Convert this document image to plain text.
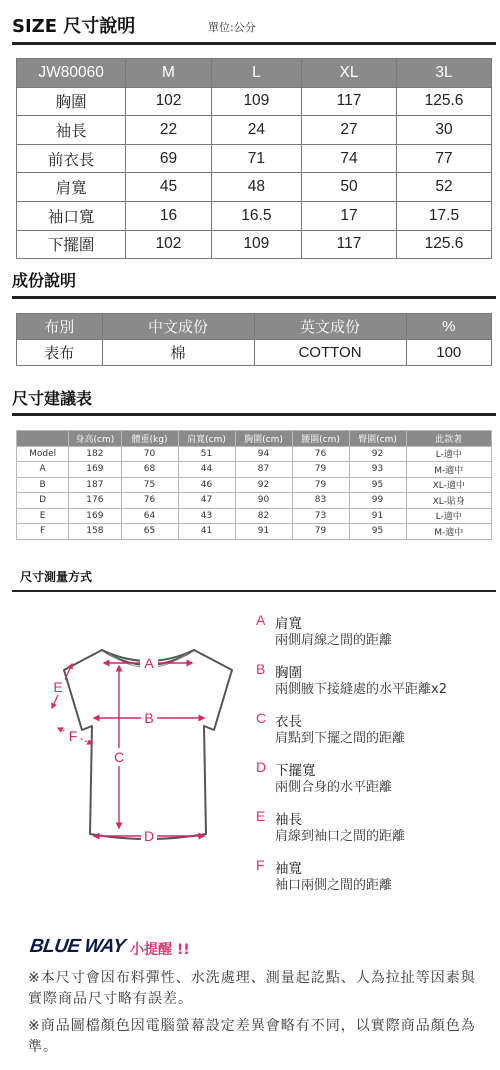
SIZE 尺寸說明	單位:公分
JW80060	M	L	XL	3L
胸圍	102	109	117	125.6
袖長	22	24	27	30
前衣長	69	71	74	77
肩寬	45	48	50	52
袖口寬	16	16.5	17	17.5
下擺圍	102	109	117	125.6
成份說明
布別	中文成份	英文成份	%
表布	棉	COTTON	100
尺寸建議表
	身高(cm)	體重(kg)	肩寬(cm)	胸圍(cm)	腰圍(cm)	臀圍(cm)	此款著
Model	182	70	51	94	76	92	L-適中
A	169	68	44	87	79	93	M-適中
B	187	75	46	92	79	95	XL-適中
D	176	76	47	90	83	99	XL-貼身
E	169	64	43	82	73	91	L-適中
F	158	65	41	91	79	95	M-適中
尺寸測量方式
A
B
C
D
E
F
A 肩寬
兩側肩線之間的距離
B 胸圍
兩側腋下接縫處的水平距離x2
C 衣長
肩點到下擺之間的距離
D 下擺寬
兩側合身的水平距離
E 袖長
肩線到袖口之間的距離
F 袖寬
袖口兩側之間的距離
BLUE WAY 小提醒 !!
※本尺寸會因布料彈性、水洗處理、測量起訖點、人為拉扯等因素與實際商品尺寸略有誤差。
※商品圖檔顏色因電腦螢幕設定差異會略有不同，以實際商品顏色為準。
